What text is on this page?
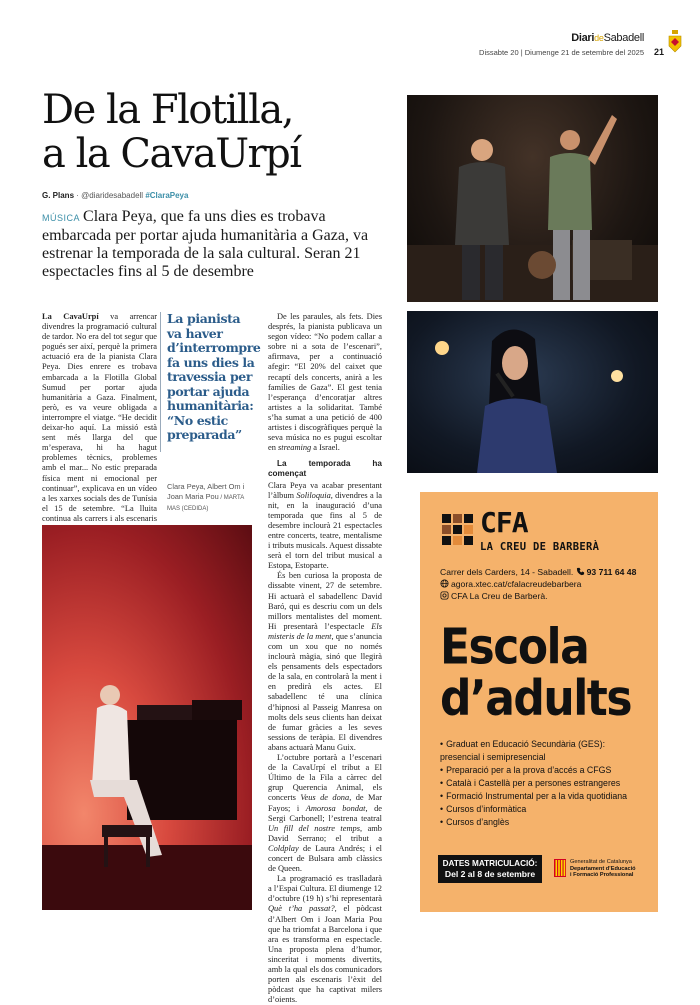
DiarideSabadell
Dissabte 20 | Diumenge 21 de setembre del 2025 21
De la Flotilla,
a la CavaUrpí
G. Plans · @diaridesabadell #ClaraPeya
MÚSICA Clara Peya, que fa uns dies es trobava embarcada per portar ajuda humanitària a Gaza, va estrenar la temporada de la sala cultural. Seran 21 espectacles fins al 5 de desembre

La CavaUrpí va arrencar divendres la programació cultural de tardor. No era del tot segur que pogués ser així, perquè la primera actuació era de la pianista Clara Peya. Dies enrere es trobava embarcada a la Flotilla Global Sumud per portar ajuda humanitària a Gaza. Finalment, però, es va veure obligada a interrompre el viatge. “He decidit deixar-ho aquí. La missió està sent més llarga del que m’esperava, hi ha hagut problemes tècnics, problemes amb el mar... No estic preparada física ment ni emocional per continuar”, explicava en un vídeo a les xarxes socials des de Tunísia el 15 de setembre. “La lluita continua als carrers i als escenaris

La pianista va haver d’interrompre fa uns dies la travessia per portar ajuda humanitària: “No estic preparada”
Clara Peya, Albert Om i Joan Maria Pou / MARTA MAS (CEDIDA)

De les paraules, als fets. Dies després, la pianista publicava un segon vídeo: “No podem callar a sobre ni a sota de l’escenari”, afirmava, per a continuació afegir: “El 20% del caixet que recaptí dels concerts, anirà a les famílies de Gaza”. El gest tenia l’esperança d’encoratjar altres artistes a la solidaritat. També s’ha sumat a una petició de 400 artistes i discogràfiques perquè la seva música no es pugui escoltar en streaming a Israel.

La temporada ha començat

Clara Peya va acabar presentant l’àlbum Soliloquia, divendres a la nit, en la inauguració d’una temporada que fins al 5 de desembre inclourà 21 espectacles entre concerts, teatre, mentalisme i tributs musicals. Aquest dissabte serà el torn del tribut musical a Estopa, Estoparte.

És ben curiosa la proposta de dissabte vinent, 27 de setembre. Hi actuarà el sabadellenc David Baró, qui es descriu com un dels millors mentalistes del moment. Hi presentarà l’espectacle Els misteris de la ment, que s’anuncia com un xou que no només inclourà màgia, sinó que llegirà els pensaments dels espectadors de la sala, en controlarà la ment i en predirà els actes. El sabadellenc té una clínica d’hipnosi al Passeig Manresa on molts dels seus clients han deixat de fumar gràcies a les seves sessions de teràpia. El divendres abans actuarà Manu Guix.

L’octubre portarà a l’escenari de la CavaUrpí el tribut a El Último de la Fila a càrrec del grup Querencia Animal, els concerts Veus de dona, de Mar Fayos; i Amorosa bondat, de Sergi Carbonell; l’estrena teatral Un fill del nostre temps, amb David Serrano; el tribut a Coldplay de Laura Andrés; i el concert de Bulsara amb clàssics de Queen.

La programació es traslladarà a l’Espai Cultura. El diumenge 12 d’octubre (19 h) s’hi representarà Què t’ha passat?, el pòdcast d’Albert Om i Joan Maria Pou que ha triomfat a Barcelona i que ara es transforma en espectacle. Una proposta plena d’humor, sinceritat i moments divertits, amb la qual els dos comunicadors porten als escenaris l’èxit del pòdcast que ha captivat milers d’oients.

CFA
LA CREU DE BARBERÀ
Carrer dels Carders, 14 - Sabadell. 93 711 64 48
agora.xtec.cat/cfalacreudebarbera
CFA La Creu de Barberà.
Escola
d’adults
• Graduat en Educació Secundària (GES):
presencial i semipresencial
• Preparació per a la prova d’accés a CFGS
• Català i Castellà per a persones estrangeres
• Formació Instrumental per a la vida quotidiana
• Cursos d’informàtica
• Cursos d’anglès
DATES MATRICULACIÓ:
Del 2 al 8 de setembre
Generalitat de Catalunya
Departament d’Educació
i Formació Professional
